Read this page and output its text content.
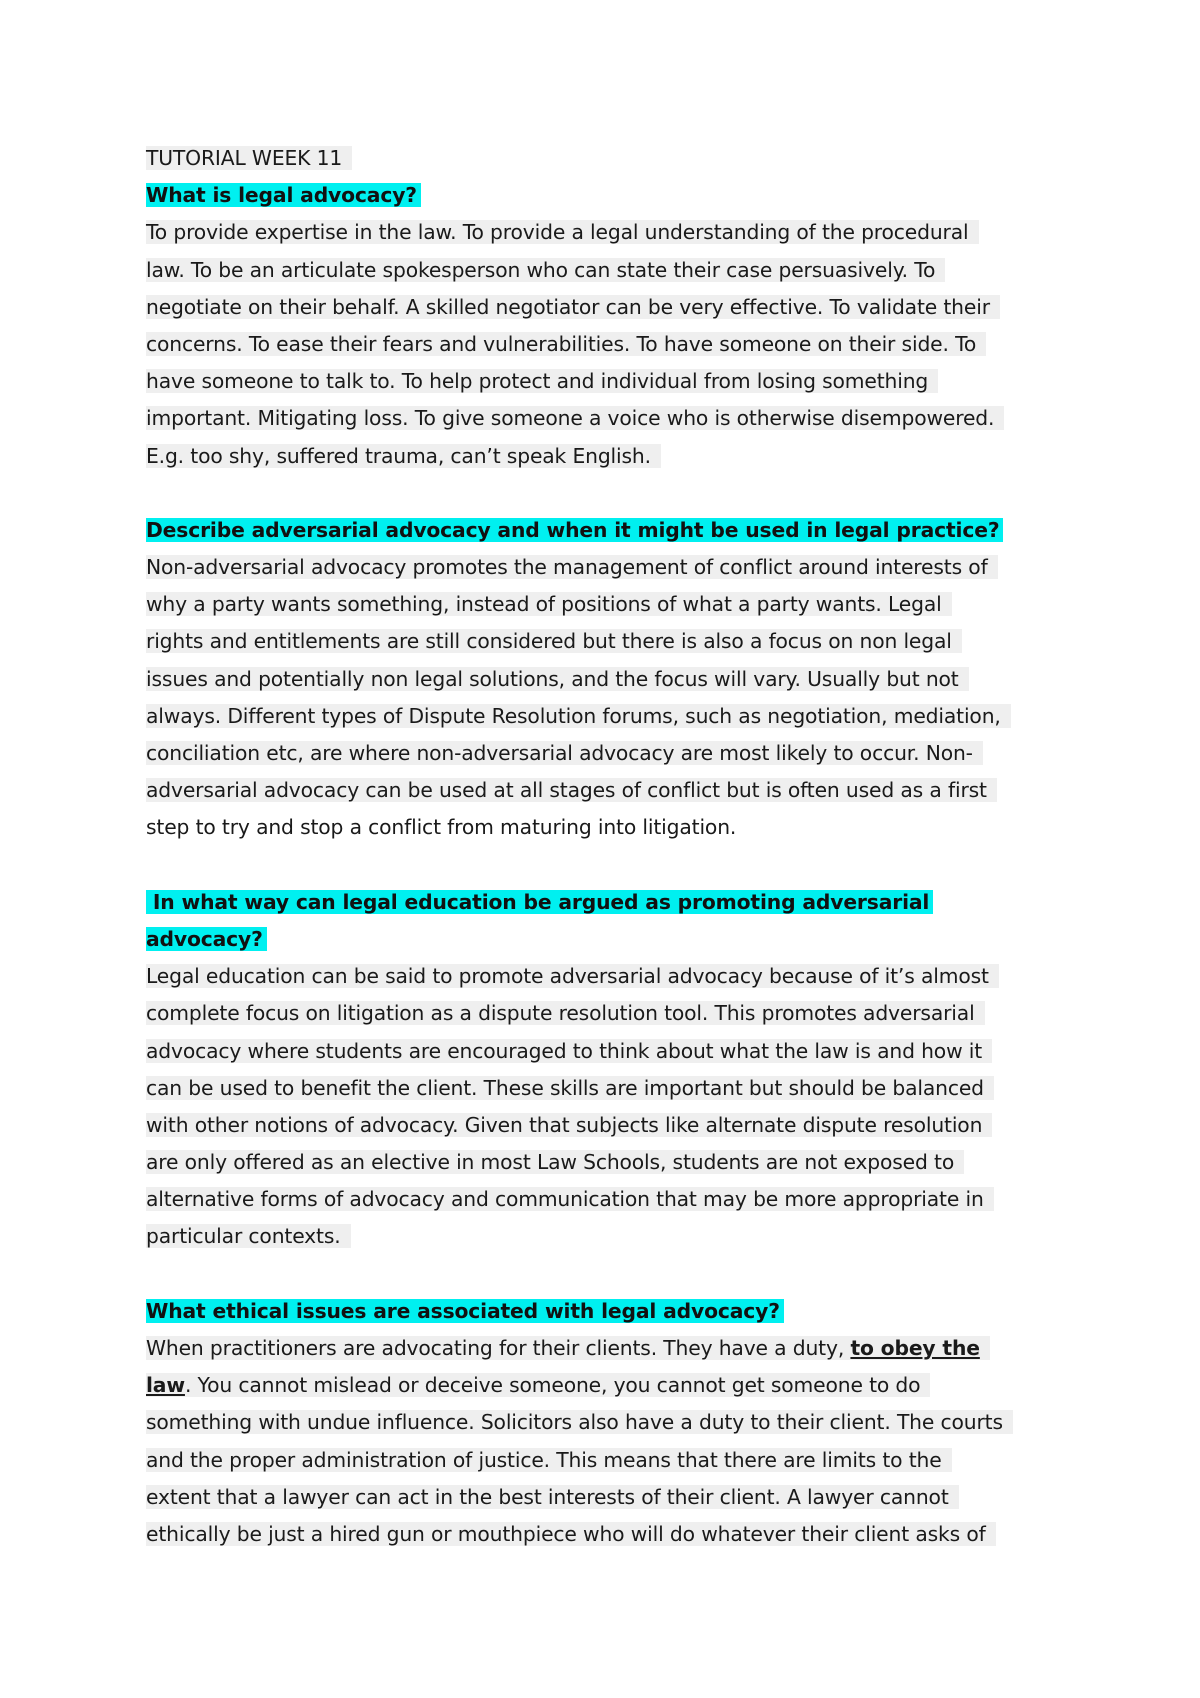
TUTORIAL WEEK 11
What is legal advocacy?
To provide expertise in the law. To provide a legal understanding of the procedural
law. To be an articulate spokesperson who can state their case persuasively. To
negotiate on their behalf. A skilled negotiator can be very effective. To validate their
concerns. To ease their fears and vulnerabilities. To have someone on their side. To
have someone to talk to. To help protect and individual from losing something
important. Mitigating loss. To give someone a voice who is otherwise disempowered.
E.g. too shy, suffered trauma, can’t speak English.
Describe adversarial advocacy and when it might be used in legal practice?
Non-adversarial advocacy promotes the management of conflict around interests of
why a party wants something, instead of positions of what a party wants. Legal
rights and entitlements are still considered but there is also a focus on non legal
issues and potentially non legal solutions, and the focus will vary. Usually but not
always. Different types of Dispute Resolution forums, such as negotiation, mediation,
conciliation etc, are where non-adversarial advocacy are most likely to occur. Non-
adversarial advocacy can be used at all stages of conflict but is often used as a first
step to try and stop a conflict from maturing into litigation.
In what way can legal education be argued as promoting adversarial
advocacy?
Legal education can be said to promote adversarial advocacy because of it’s almost
complete focus on litigation as a dispute resolution tool. This promotes adversarial
advocacy where students are encouraged to think about what the law is and how it
can be used to benefit the client. These skills are important but should be balanced
with other notions of advocacy. Given that subjects like alternate dispute resolution
are only offered as an elective in most Law Schools, students are not exposed to
alternative forms of advocacy and communication that may be more appropriate in
particular contexts.
What ethical issues are associated with legal advocacy?
When practitioners are advocating for their clients. They have a duty, to obey the
law. You cannot mislead or deceive someone, you cannot get someone to do
something with undue influence. Solicitors also have a duty to their client. The courts
and the proper administration of justice. This means that there are limits to the
extent that a lawyer can act in the best interests of their client. A lawyer cannot
ethically be just a hired gun or mouthpiece who will do whatever their client asks of
